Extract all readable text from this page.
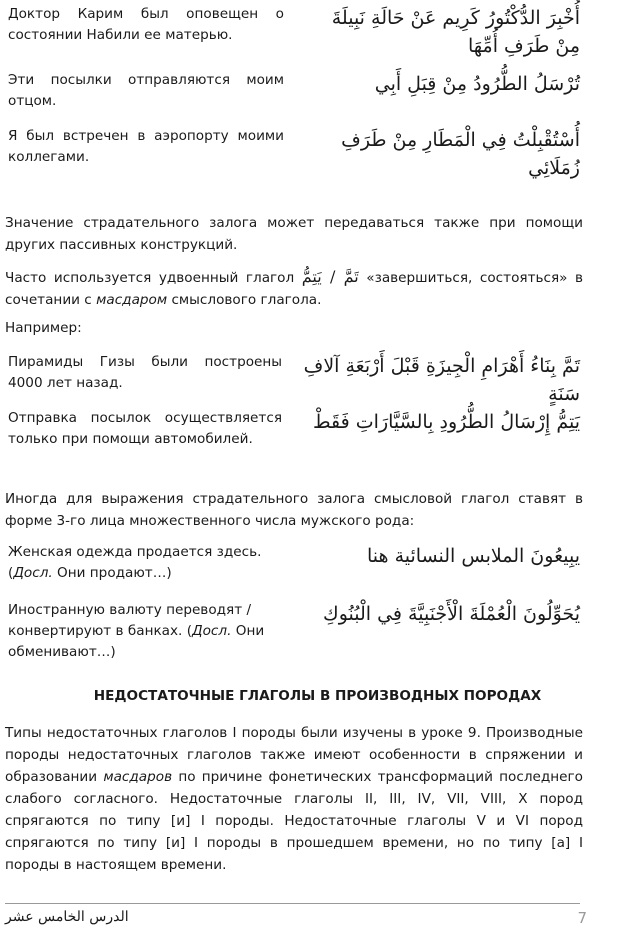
Доктор Карим был оповещен о состоянии Набили ее матерью.
أُخْبِرَ الدُّكْتُورُ كَرِيم عَنْ حَالَةِ نَبِيلَةَ مِنْ طَرَفِ أُمِّهَا
Эти посылки отправляются моим отцом.
تُرْسَلُ الطُّرُودُ مِنْ قِبَلِ أَبِي
Я был встречен в аэропорту моими коллегами.
أُسْتُقْبِلْتُ فِي الْمَطَارِ مِنْ طَرَفِ زُمَلَائِي
Значение страдательного залога может передаваться также при помощи других пассивных конструкций.
Часто используется удвоенный глагол تَمَّ / يَتِمُّ «завершиться, состояться» в сочетании с масдаром смыслового глагола.
Например:
Пирамиды Гизы были построены 4000 лет назад.
تَمَّ بِنَاءُ أَهْرَامِ الْجِيزَةِ قَبْلَ أَرْبَعَةِ آلافِ سَنَةٍ
Отправка посылок осуществляется только при помощи автомобилей.
يَتِمُّ إِرْسَالُ الطُّرُودِ بِالسَّيَّارَاتِ فَقَطْ
Иногда для выражения страдательного залога смысловой глагол ставят в форме 3-го лица множественного числа мужского рода:
Женская одежда продается здесь. (Досл. Они продают…)
يبِيعُونَ الملابس النسائية هنا
Иностранную валюту переводят / конвертируют в банках. (Досл. Они обменивают…)
يُحَوِّلُونَ الْعُمْلَةَ الْأَجْنَبِيَّةَ فِي الْبُنُوكِ
НЕДОСТАТОЧНЫЕ ГЛАГОЛЫ В ПРОИЗВОДНЫХ ПОРОДАХ
Типы недостаточных глаголов I породы были изучены в уроке 9. Производные породы недостаточных глаголов также имеют особенности в спряжении и образовании масдаров по причине фонетических трансформаций последнего слабого согласного. Недостаточные глаголы II, III, IV, VII, VIII, X пород спрягаются по типу [и] I породы. Недостаточные глаголы V и VI пород спрягаются по типу [и] I породы в прошедшем времени, но по типу [а] I породы в настоящем времени.
الدرس الخامس عشر	7
